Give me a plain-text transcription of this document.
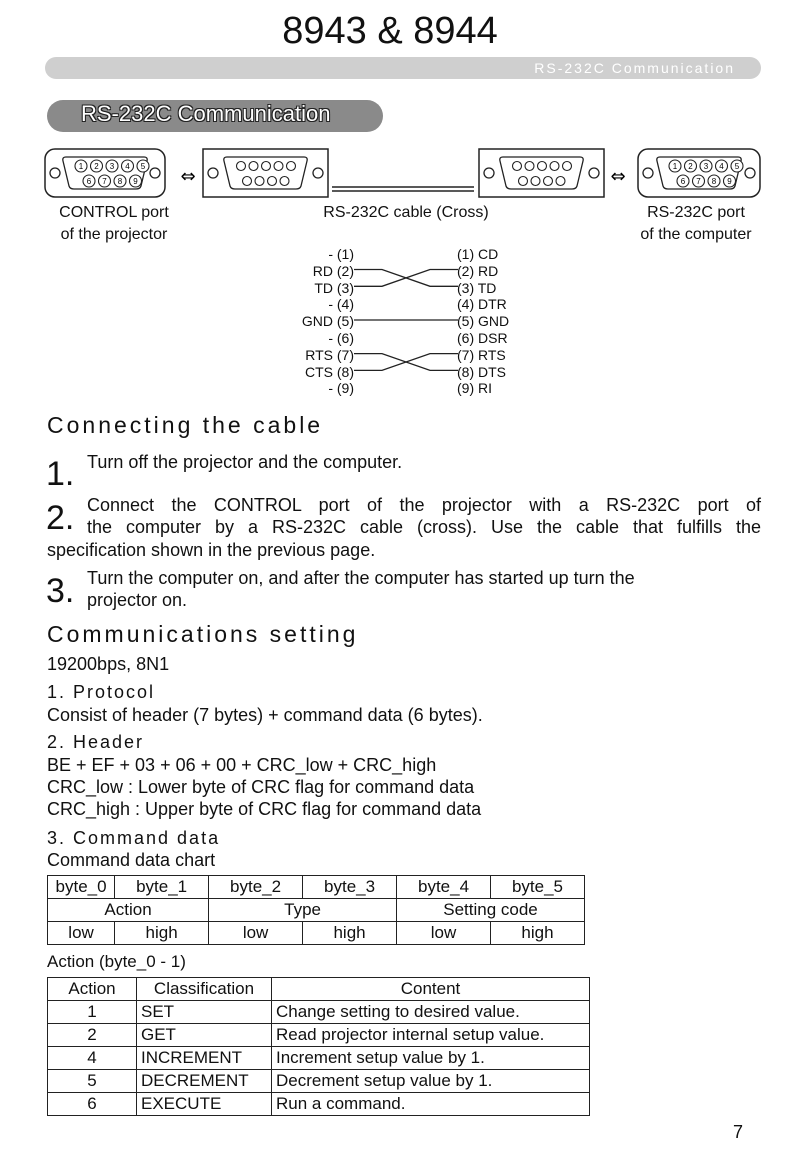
8943 & 8944
RS-232C Communication
RS-232C Communication
1 2 3 4 5
6 7 8 9 ⇔	⇔	1 2 3 4 5
6 7 8 9
CONTROL port
of the projector
RS-232C cable (Cross)	RS-232C port
of the computer
- (1)
RD (2)
TD (3)
- (4)
GND (5)
- (6)
RTS (7)
CTS (8)
- (9)
(1) CD
(2) RD
(3) TD
(4) DTR
(5) GND
(6) DSR
(7) RTS
(8) DTS
(9) RI
Connecting the cable
1. Turn off the projector and the computer.
2. Connect the CONTROL port of the projector with a RS-232C port of
the computer by a RS-232C cable (cross). Use the cable that fulfills the
specification shown in the previous page.
3. Turn the computer on, and after the computer has started up turn the
projector on.
Communications setting
19200bps, 8N1
1. Protocol
Consist of header (7 bytes) + command data (6 bytes).
2. Header
BE + EF + 03 + 06 + 00 + CRC_low + CRC_high
CRC_low : Lower byte of CRC flag for command data
CRC_high : Upper byte of CRC flag for command data
3. Command data
Command data chart
byte_0	byte_1	byte_2	byte_3	byte_4	byte_5
Action		Type		Setting code	
low	high	low	high	low	high
Action (byte_0 - 1)
Action	Classification	Content
1	SET	Change setting to desired value.
2	GET	Read projector internal setup value.
4	INCREMENT	Increment setup value by 1.
5	DECREMENT	Decrement setup value by 1.
6	EXECUTE	Run a command.
7
